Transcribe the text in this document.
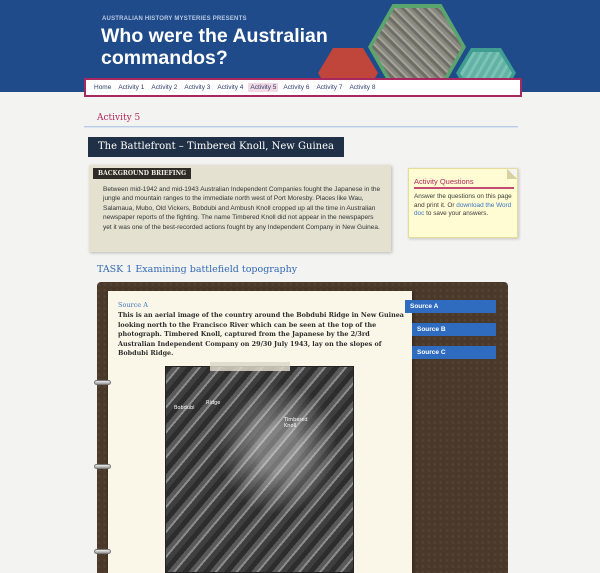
AUSTRALIAN HISTORY MYSTERIES PRESENTS
Who were the Australian commandos?
Home	Activity 1	Activity 2	Activity 3	Activity 4	Activity 5	Activity 6	Activity 7	Activity 8
Activity 5
The Battlefront – Timbered Knoll, New Guinea
BACKGROUND BRIEFING
Between mid-1942 and mid-1943 Australian Independent Companies fought the Japanese in the jungle and mountain ranges to the immediate north west of Port Moresby. Places like Wau, Salamaua, Mubo, Old Vickers, Bobdubi and Ambush Knoll cropped up all the time in Australian newspaper reports of the fighting. The name Timbered Knoll did not appear in the newspapers yet it was one of the best-recorded actions fought by any Independent Company in New Guinea.
Activity Questions
Answer the questions on this page and print it. Or download the Word doc to save your answers.
TASK 1 Examining battlefield topography
Source A
This is an aerial image of the country around the Bobdubi Ridge in New Guinea looking north to the Francisco River which can be seen at the top of the photograph. Timbered Knoll, captured from the Japanese by the 2/3rd Australian Independent Company on 29/30 July 1943, lay on the slopes of Bobdubi Ridge.
Source A
Source B
Source C
Bobdubi
Ridge
Timbered Knoll
